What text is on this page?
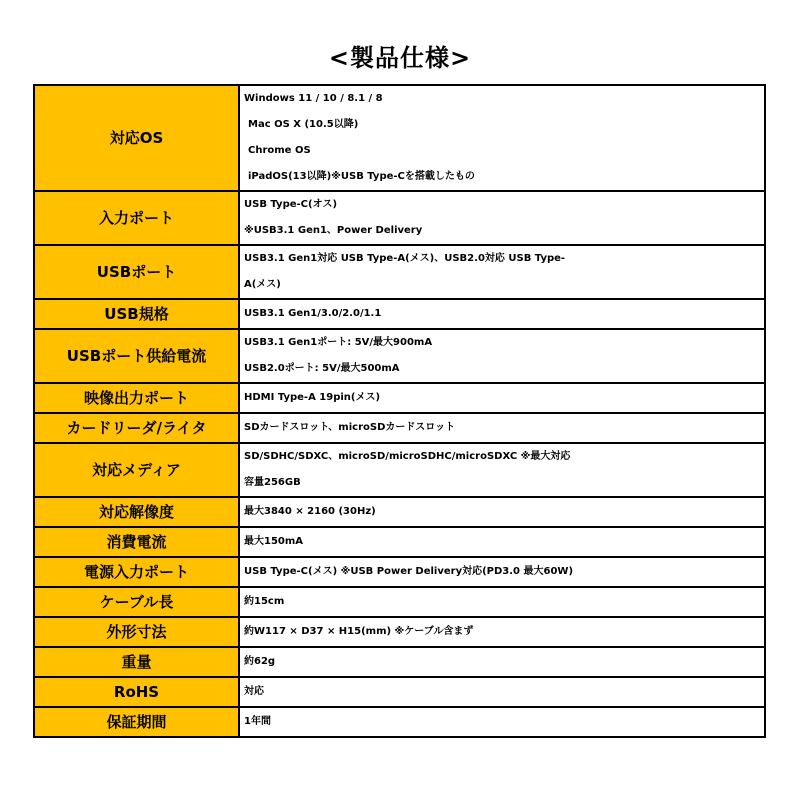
<製品仕様>
対応OS	Windows 11 / 10 / 8.1 / 8
Mac OS X (10.5以降)
Chrome OS
iPadOS(13以降)※USB Type-Cを搭載したもの

入力ポート	USB Type-C(オス)
※USB3.1 Gen1、Power Delivery

USBポート	USB3.1 Gen1対応 USB Type-A(メス)、USB2.0対応 USB Type-
A(メス)

USB規格	USB3.1 Gen1/3.0/2.0/1.1

USBポート供給電流	USB3.1 Gen1ポート: 5V/最大900mA
USB2.0ポート: 5V/最大500mA

映像出力ポート	HDMI Type-A 19pin(メス)

カードリーダ/ライタ	SDカードスロット、microSDカードスロット

対応メディア	SD/SDHC/SDXC、microSD/microSDHC/microSDXC ※最大対応
容量256GB

対応解像度	最大3840 × 2160 (30Hz)

消費電流	最大150mA

電源入力ポート	USB Type-C(メス) ※USB Power Delivery対応(PD3.0 最大60W)

ケーブル長	約15cm

外形寸法	約W117 × D37 × H15(mm) ※ケーブル含まず

重量	約62g

RoHS	対応

保証期間	1年間
